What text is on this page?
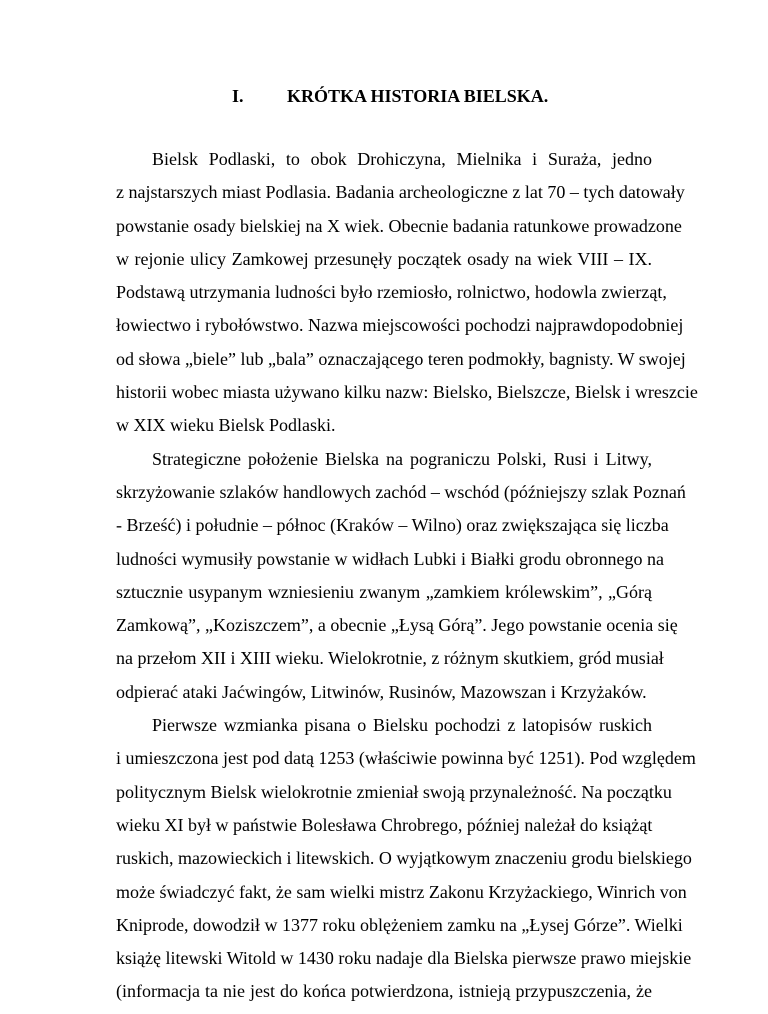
I. KRÓTKA HISTORIA BIELSKA.
Bielsk Podlaski, to obok Drohiczyna, Mielnika i Suraża, jedno
z najstarszych miast Podlasia. Badania archeologiczne z lat 70 – tych datowały
powstanie osady bielskiej na X wiek. Obecnie badania ratunkowe prowadzone
w rejonie ulicy Zamkowej przesunęły początek osady na wiek VIII – IX.
Podstawą utrzymania ludności było rzemiosło, rolnictwo, hodowla zwierząt,
łowiectwo i rybołówstwo. Nazwa miejscowości pochodzi najprawdopodobniej
od słowa „biele” lub „bala” oznaczającego teren podmokły, bagnisty. W swojej
historii wobec miasta używano kilku nazw: Bielsko, Bielszcze, Bielsk i wreszcie
w XIX wieku Bielsk Podlaski.
Strategiczne położenie Bielska na pograniczu Polski, Rusi i Litwy,
skrzyżowanie szlaków handlowych zachód – wschód (późniejszy szlak Poznań
- Brześć) i południe – północ (Kraków – Wilno) oraz zwiększająca się liczba
ludności wymusiły powstanie w widłach Lubki i Białki grodu obronnego na
sztucznie usypanym wzniesieniu zwanym „zamkiem królewskim”, „Górą
Zamkową”, „Koziszczem”, a obecnie „Łysą Górą”. Jego powstanie ocenia się
na przełom XII i XIII wieku. Wielokrotnie, z różnym skutkiem, gród musiał
odpierać ataki Jaćwingów, Litwinów, Rusinów, Mazowszan i Krzyżaków.
Pierwsze wzmianka pisana o Bielsku pochodzi z latopisów ruskich
i umieszczona jest pod datą 1253 (właściwie powinna być 1251). Pod względem
politycznym Bielsk wielokrotnie zmieniał swoją przynależność. Na początku
wieku XI był w państwie Bolesława Chrobrego, później należał do książąt
ruskich, mazowieckich i litewskich. O wyjątkowym znaczeniu grodu bielskiego
może świadczyć fakt, że sam wielki mistrz Zakonu Krzyżackiego, Winrich von
Kniprode, dowodził w 1377 roku oblężeniem zamku na „Łysej Górze”. Wielki
książę litewski Witold w 1430 roku nadaje dla Bielska pierwsze prawo miejskie
(informacja ta nie jest do końca potwierdzona, istnieją przypuszczenia, że
